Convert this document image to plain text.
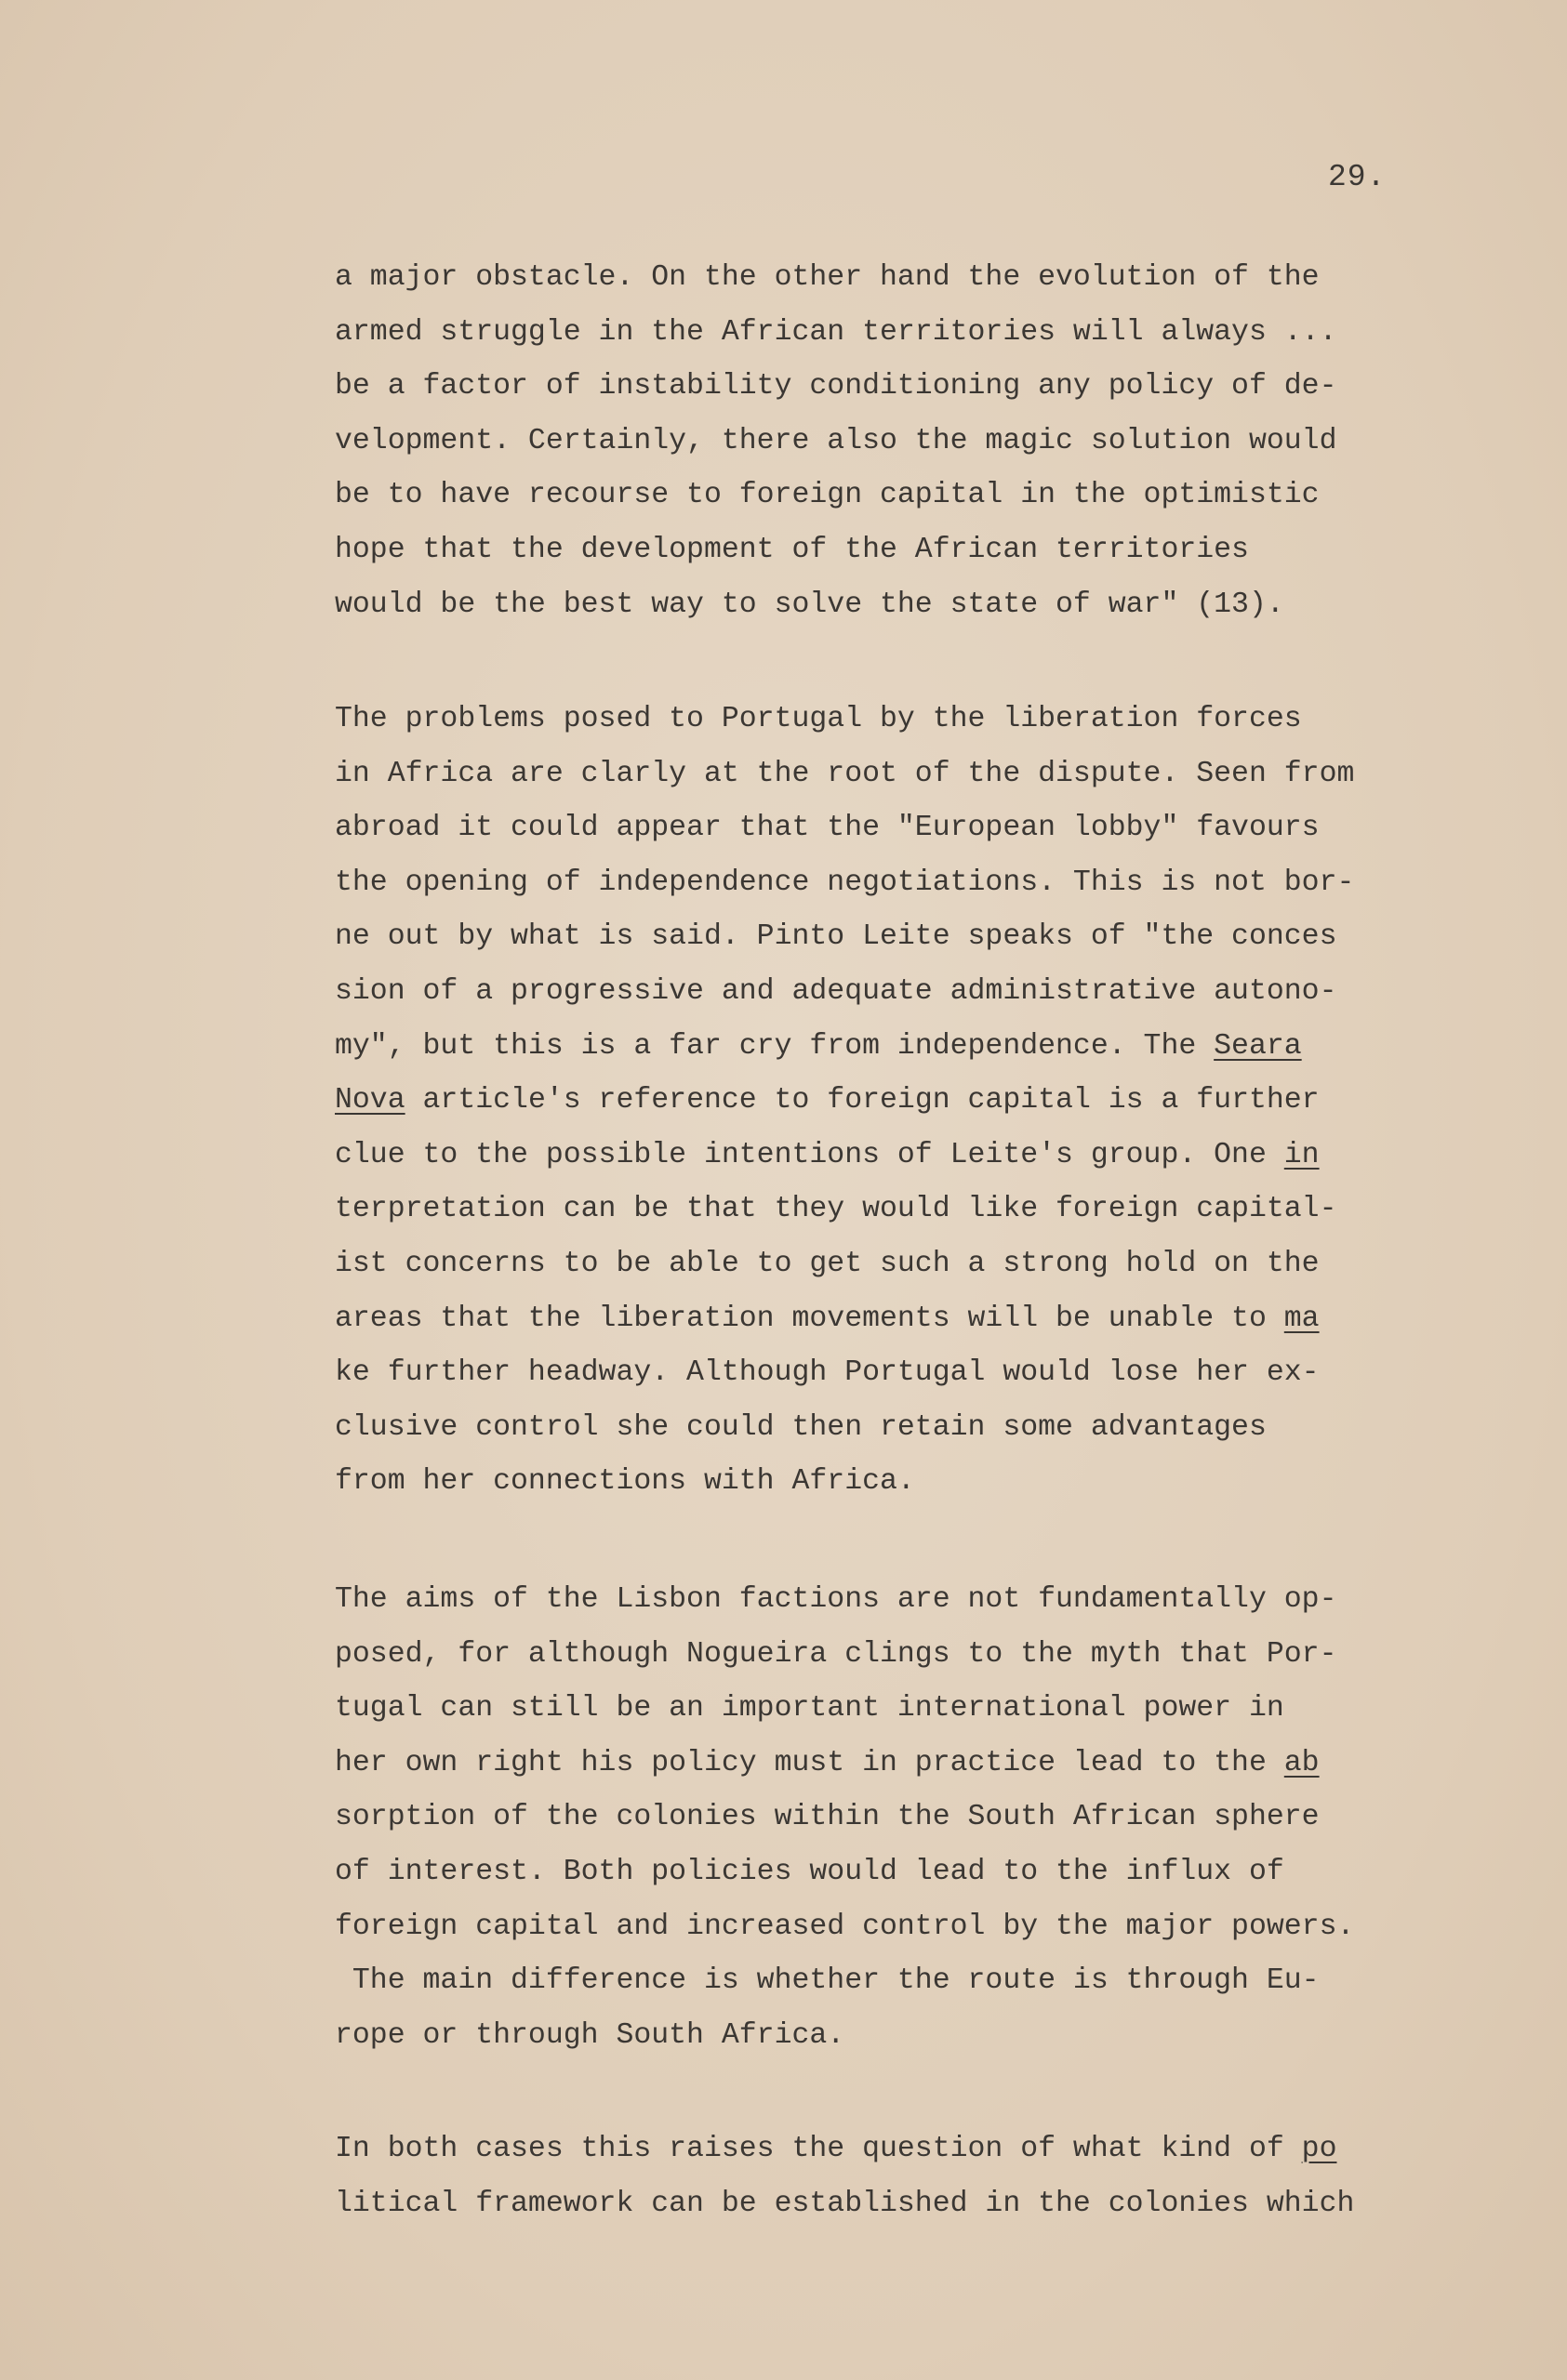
29.
a major obstacle. On the other hand the evolution of the
armed struggle in the African territories will always ...
be a factor of instability conditioning any policy of de-
velopment. Certainly, there also the magic solution would
be to have recourse to foreign capital in the optimistic
hope that the development of the African territories
would be the best way to solve the state of war" (13).
The problems posed to Portugal by the liberation forces
in Africa are clarly at the root of the dispute. Seen from
abroad it could appear that the "European lobby" favours
the opening of independence negotiations. This is not bor-
ne out by what is said. Pinto Leite speaks of "the conces
sion of a progressive and adequate administrative autono-
my", but this is a far cry from independence. The Seara
Nova article's reference to foreign capital is a further
clue to the possible intentions of Leite's group. One in
terpretation can be that they would like foreign capital-
ist concerns to be able to get such a strong hold on the
areas that the liberation movements will be unable to ma
ke further headway. Although Portugal would lose her ex-
clusive control she could then retain some advantages
from her connections with Africa.
The aims of the Lisbon factions are not fundamentally op-
posed, for although Nogueira clings to the myth that Por-
tugal can still be an important international power in
her own right his policy must in practice lead to the ab
sorption of the colonies within the South African sphere
of interest. Both policies would lead to the influx of
foreign capital and increased control by the major powers.
The main difference is whether the route is through Eu-
rope or through South Africa.
In both cases this raises the question of what kind of po
litical framework can be established in the colonies which
